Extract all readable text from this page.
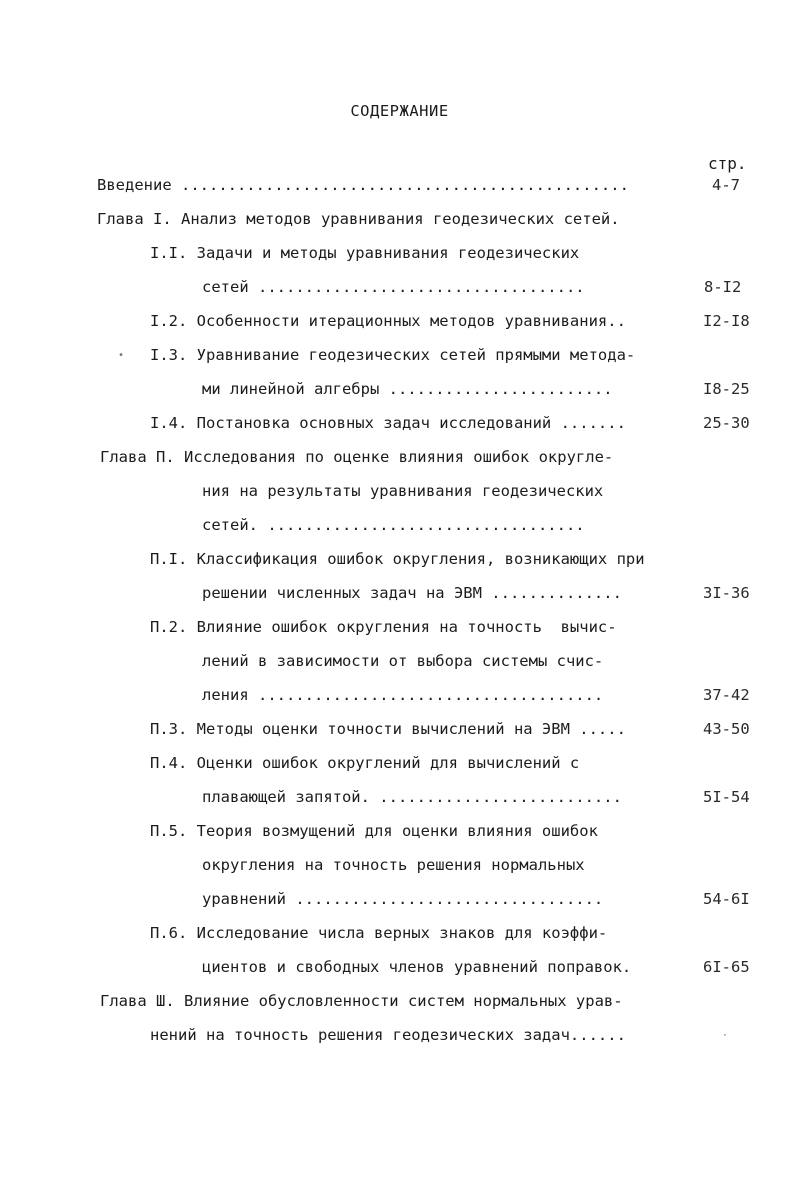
СОДЕРЖАНИЕ
стр.
Введение ................................................	4-7
Глава I. Анализ методов уравнивания геодезических сетей.
I.I. Задачи и методы уравнивания геодезических
сетей ...................................	8-I2
I.2. Особенности итерационных методов уравнивания..	I2-I8
I.3. Уравнивание геодезических сетей прямыми метода-
ми линейной алгебры ........................	I8-25
I.4. Постановка основных задач исследований .......	25-30
Глава П. Исследования по оценке влияния ошибок округле-
ния на результаты уравнивания геодезических
сетей. ..................................
П.I. Классификация ошибок округления, возникающих при
решении численных задач на ЭВМ ..............	3I-36
П.2. Влияние ошибок округления на точность  вычис-
лений в зависимости от выбора системы счис-
ления .....................................	37-42
П.3. Методы оценки точности вычислений на ЭВМ .....	43-50
П.4. Оценки ошибок округлений для вычислений с
плавающей запятой. ..........................	5I-54
П.5. Теория возмущений для оценки влияния ошибок
округления на точность решения нормальных
уравнений .................................	54-6I
П.6. Исследование числа верных знаков для коэффи-
циентов и свободных членов уравнений поправок.	6I-65
Глава Ш. Влияние обусловленности систем нормальных урав-
нений на точность решения геодезических задач......
•
·
